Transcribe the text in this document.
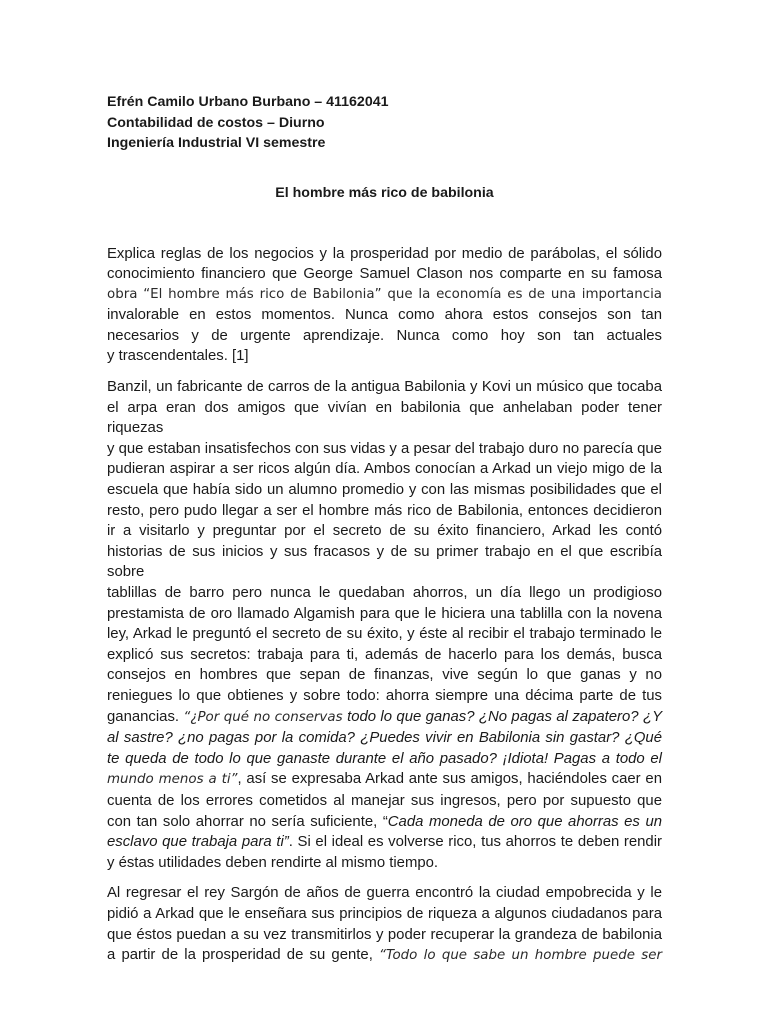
Efrén Camilo Urbano Burbano – 41162041

Contabilidad de costos – Diurno

Ingeniería Industrial VI semestre

El hombre más rico de babilonia

Explica reglas de los negocios y la prosperidad por medio de parábolas, el sólido
conocimiento financiero que George Samuel Clason nos comparte en su famosa
obra “El hombre más rico de Babilonia” que la economía es de una importancia
invalorable en estos momentos. Nunca como ahora estos consejos son tan
necesarios y de urgente aprendizaje. Nunca como hoy son tan actuales
y trascendentales. [1]

Banzil, un fabricante de carros de la antigua Babilonia y Kovi un músico que tocaba
el arpa eran dos amigos que vivían en babilonia que anhelaban poder tener riquezas
y que estaban insatisfechos con sus vidas y a pesar del trabajo duro no parecía que
pudieran aspirar a ser ricos algún día. Ambos conocían a Arkad un viejo migo de la
escuela que había sido un alumno promedio y con las mismas posibilidades que el
resto, pero pudo llegar a ser el hombre más rico de Babilonia, entonces decidieron
ir a visitarlo y preguntar por el secreto de su éxito financiero, Arkad les contó
historias de sus inicios y sus fracasos y de su primer trabajo en el que escribía sobre
tablillas de barro pero nunca le quedaban ahorros, un día llego un prodigioso
prestamista de oro llamado Algamish para que le hiciera una tablilla con la novena
ley, Arkad le preguntó el secreto de su éxito, y éste al recibir el trabajo terminado le
explicó sus secretos: trabaja para ti, además de hacerlo para los demás, busca
consejos en hombres que sepan de finanzas, vive según lo que ganas y no
reniegues lo que obtienes y sobre todo: ahorra siempre una décima parte de tus
ganancias. “¿Por qué no conservas todo lo que ganas? ¿No pagas al zapatero? ¿Y
al sastre? ¿no pagas por la comida? ¿Puedes vivir en Babilonia sin gastar? ¿Qué
te queda de todo lo que ganaste durante el año pasado? ¡Idiota! Pagas a todo el
mundo menos a ti”, así se expresaba Arkad ante sus amigos, haciéndoles caer en
cuenta de los errores cometidos al manejar sus ingresos, pero por supuesto que
con tan solo ahorrar no sería suficiente, “Cada moneda de oro que ahorras es un
esclavo que trabaja para ti”. Si el ideal es volverse rico, tus ahorros te deben rendir
y éstas utilidades deben rendirte al mismo tiempo.

Al regresar el rey Sargón de años de guerra encontró la ciudad empobrecida y le
pidió a Arkad que le enseñara sus principios de riqueza a algunos ciudadanos para
que éstos puedan a su vez transmitirlos y poder recuperar la grandeza de babilonia
a partir de la prosperidad de su gente, “Todo lo que sabe un hombre puede ser
